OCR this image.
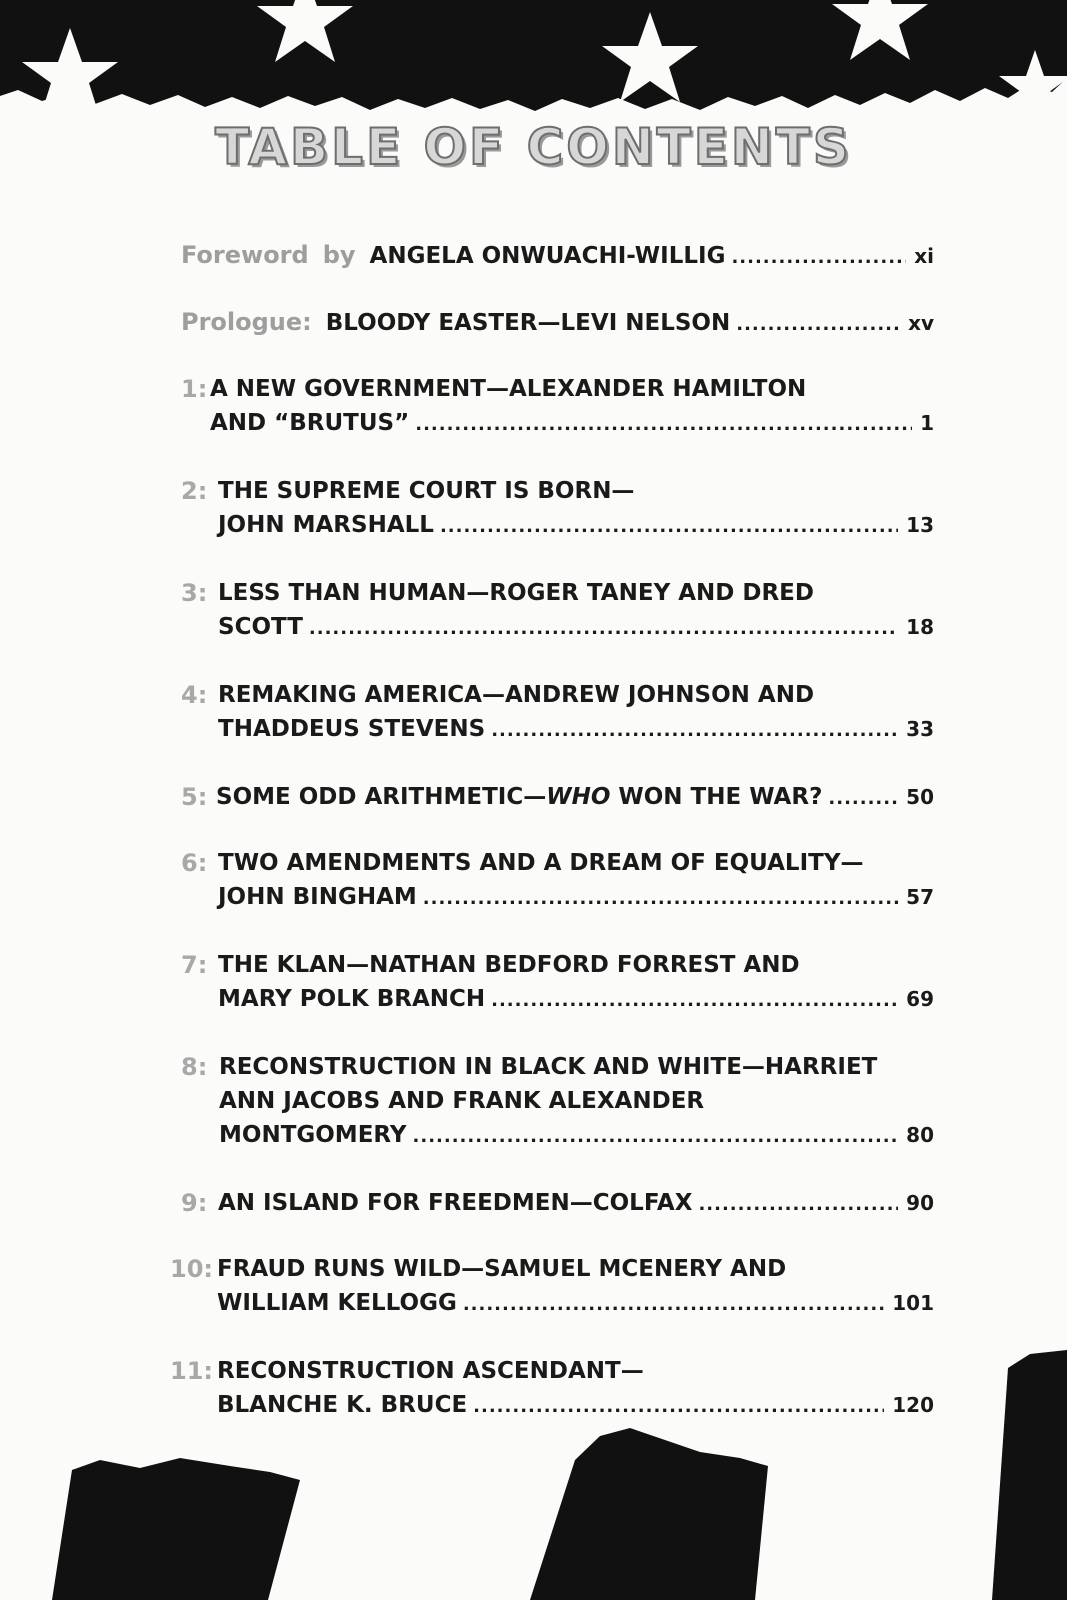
TABLE OF CONTENTS
Foreword by ANGELA ONWUACHI-WILLIG .....	xi
Prologue: BLOODY EASTER—LEVI NELSON .....	xv
1: A NEW GOVERNMENT—ALEXANDER HAMILTON
AND “BRUTUS” .....	1
2: THE SUPREME COURT IS BORN—
JOHN MARSHALL .....	13
3: LESS THAN HUMAN—ROGER TANEY AND DRED
SCOTT .....	18
4: REMAKING AMERICA—ANDREW JOHNSON AND
THADDEUS STEVENS .....	33
5: SOME ODD ARITHMETIC—WHO WON THE WAR? .....	50
6: TWO AMENDMENTS AND A DREAM OF EQUALITY—
JOHN BINGHAM .....	57
7: THE KLAN—NATHAN BEDFORD FORREST AND
MARY POLK BRANCH .....	69
8: RECONSTRUCTION IN BLACK AND WHITE—HARRIET
ANN JACOBS AND FRANK ALEXANDER
MONTGOMERY .....	80
9: AN ISLAND FOR FREEDMEN—COLFAX .....	90
10: FRAUD RUNS WILD—SAMUEL MCENERY AND
WILLIAM KELLOGG .....	101
11: RECONSTRUCTION ASCENDANT—
BLANCHE K. BRUCE .....	120
